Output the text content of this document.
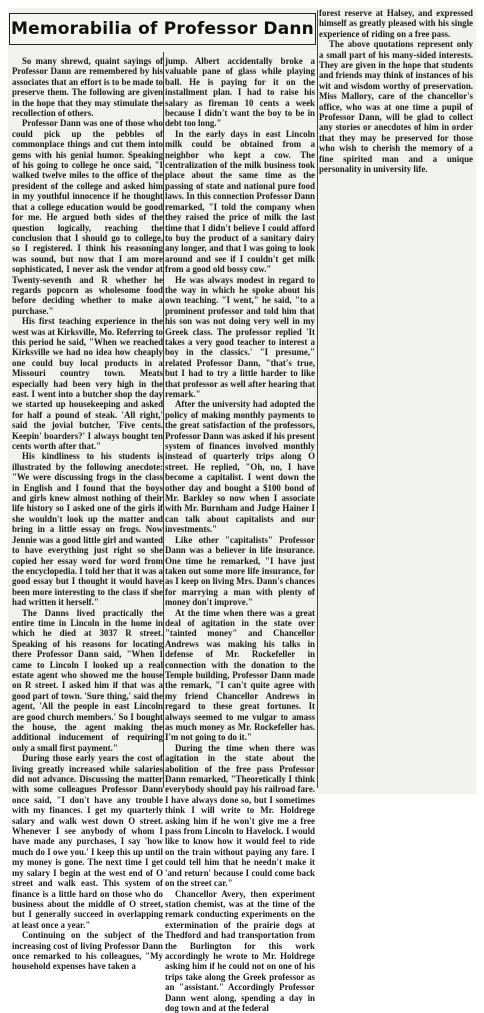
Memorabilia of Professor Dann

So many shrewd, quaint sayings of Professor Dann are remembered by his associates that an effort is to be made to preserve them. The following are given in the hope that they may stimulate the recollection of others.

Professor Dann was one of those who could pick up the pebbles of commonplace things and cut them into gems with his genial humor. Speaking of his going to college he once said, "I walked twelve miles to the office of the president of the college and asked him in my youthful innocence if he thought that a college education would be good for me. He argued both sides of the question logically, reaching the conclusion that I should go to college, so I registered. I think his reasoning was sound, but now that I am more sophisticated, I never ask the vendor at Twenty-seventh and R whether he regards popcorn as wholesome food before deciding whether to make a purchase."

His first teaching experience in the west was at Kirksville, Mo. Referring to this period he said, "When we reached Kirksville we had no idea how cheaply one could buy local products in a Missouri country town. Meats especially had been very high in the east. I went into a butcher shop the day we started up housekeeping and asked for half a pound of steak. 'All right,' said the jovial butcher, 'Five cents. Keepin' boarders?' I always bought ten cents worth after that."

His kindliness to his students is illustrated by the following anecdote: "We were discussing frogs in the class in English and I found that the boys and girls knew almost nothing of their life history so I asked one of the girls if she wouldn't look up the matter and bring in a little essay on frogs. Now Jennie was a good little girl and wanted to have everything just right so she copied her essay word for word from the encyclopedia. I told her that it was a good essay but I thought it would have been more interesting to the class if she had written it herself."

The Danns lived practically the entire time in Lincoln in the home in which he died at 3037 R street. Speaking of his reasons for locating there Professor Dann said, "When I came to Lincoln I looked up a real estate agent who showed me the house on R street. I asked him if that was a good part of town. 'Sure thing,' said the agent, 'All the people in east Lincoln are good church members.' So I bought the house, the agent making the additional inducement of requiring only a small first payment."

During those early years the cost of living greatly increased while salaries did not advance. Discussing the matter with some colleagues Professor Dann once said, "I don't have any trouble with my finances. I get my quarterly salary and walk west down O street. Whenever I see anybody of whom I have made any purchases, I say 'how much do I owe you.' I keep this up until my money is gone. The next time I get my salary I begin at the west end of O street and walk east. This system of finance is a little hard on those who do business about the middle of O street, but I generally succeed in overlapping at least once a year."

Continuing on the subject of the increasing cost of living Professor Dann once remarked to his colleagues, "My household expenses have taken a

jump. Albert accidentally broke a valuable pane of glass while playing ball. He is paying for it on the installment plan. I had to raise his salary as fireman 10 cents a week because I didn't want the boy to be in debt too long."

In the early days in east Lincoln milk could be obtained from a neighbor who kept a cow. The centralization of the milk business took place about the same time as the passing of state and national pure food laws. In this connection Professor Dann remarked, "I told the company when they raised the price of milk the last time that I didn't believe I could afford to buy the product of a sanitary dairy any longer, and that I was going to look around and see if I couldn't get milk from a good old bossy cow."

He was always modest in regard to the way in which he spoke about his own teaching. "I went," he said, "to a prominent professor and told him that his son was not doing very well in my Greek class. The professor replied 'It takes a very good teacher to interest a boy in the classics.' "I presume," related Professor Dann, "that's true, but I had to try a little harder to like that professor as well after hearing that remark."

After the university had adopted the policy of making monthly payments to the great satisfaction of the professors, Professor Dann was asked if his present system of finances involved monthly instead of quarterly trips along O street. He replied, "Oh, no, I have become a capitalist. I went down the other day and bought a $100 bond of Mr. Barkley so now when I associate with Mr. Burnham and Judge Hainer I can talk about capitalists and our investments."

Like other "capitalists" Professor Dann was a believer in life insurance. One time he remarked, "I have just taken out some more life insurance, for as I keep on living Mrs. Dann's chances for marrying a man with plenty of money don't improve."

At the time when there was a great deal of agitation in the state over "tainted money" and Chancellor Andrews was making his talks in defense of Mr. Rockefeller in connection with the donation to the Temple building, Professor Dann made the remark, "I can't quite agree with my friend Chancellor Andrews in regard to these great fortunes. It always seemed to me vulgar to amass as much money as Mr. Rockefeller has. I'm not going to do it."

During the time when there was agitation in the state about the abolition of the free pass Professor Dann remarked, "Theoretically I think everybody should pay his railroad fare. I have always done so, but I sometimes think I will write to Mr. Holdrege asking him if he won't give me a free pass from Lincoln to Havelock. I would like to know how it would feel to ride on the train without paying any fare. I could tell him that he needn't make it 'and return' because I could come back on the street car."

Chancellor Avery, then experiment station chemist, was at the time of the remark conducting experiments on the extermination of the prairie dogs at Thedford and had transportation from the Burlington for this work accordingly he wrote to Mr. Holdrege asking him if he could not on one of his trips take along the Greek professor as an "assistant." Accordingly Professor Dann went along, spending a day in dog town and at the federal

forest reserve at Halsey, and expressed himself as greatly pleased with his single experience of riding on a free pass.

The above quotations represent only a small part of his many-sided interests. They are given in the hope that students and friends may think of instances of his wit and wisdom worthy of preservation. Miss Mallory, care of the chancellor's office, who was at one time a pupil of Professor Dann, will be glad to collect any stories or anecdotes of him in order that they may be preserved for those who wish to cherish the memory of a fine spirited man and a unique personality in university life.
